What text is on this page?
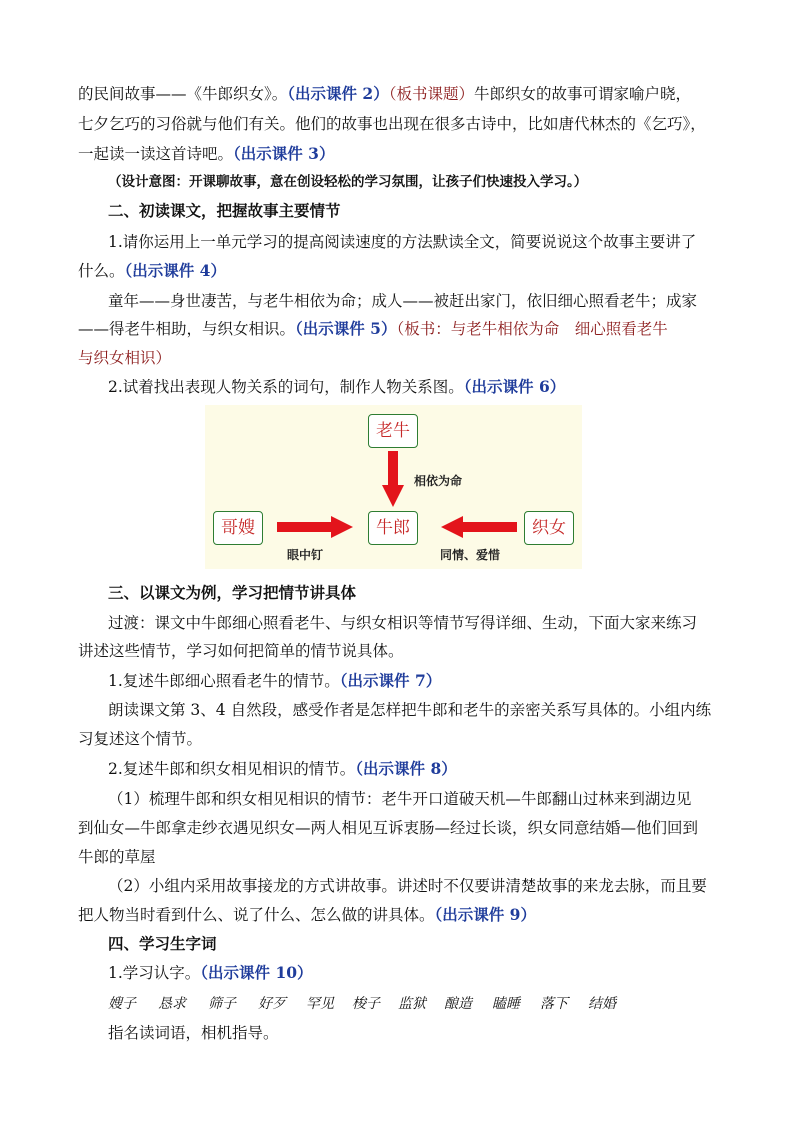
的民间故事——《牛郎织女》。（出示课件 2）（板书课题）牛郎织女的故事可谓家喻户晓，
七夕乞巧的习俗就与他们有关。他们的故事也出现在很多古诗中，比如唐代林杰的《乞巧》，
一起读一读这首诗吧。（出示课件 3）
（设计意图：开课聊故事，意在创设轻松的学习氛围，让孩子们快速投入学习。）
二、初读课文，把握故事主要情节
1.请你运用上一单元学习的提高阅读速度的方法默读全文，简要说说这个故事主要讲了
什么。（出示课件 4）
童年——身世凄苦，与老牛相依为命；成人——被赶出家门，依旧细心照看老牛；成家
——得老牛相助，与织女相识。（出示课件 5）（板书：与老牛相依为命　细心照看老牛
与织女相识）
2.试着找出表现人物关系的词句，制作人物关系图。（出示课件 6）
老牛
牛郎
哥嫂	织女
相依为命
眼中钉	同情、爱惜
三、以课文为例，学习把情节讲具体
过渡：课文中牛郎细心照看老牛、与织女相识等情节写得详细、生动，下面大家来练习
讲述这些情节，学习如何把简单的情节说具体。
1.复述牛郎细心照看老牛的情节。（出示课件 7）
朗读课文第 3、4 自然段，感受作者是怎样把牛郎和老牛的亲密关系写具体的。小组内练
习复述这个情节。
2.复述牛郎和织女相见相识的情节。（出示课件 8）
（1）梳理牛郎和织女相见相识的情节：老牛开口道破天机—牛郎翻山过林来到湖边见
到仙女—牛郎拿走纱衣遇见织女—两人相见互诉衷肠—经过长谈，织女同意结婚—他们回到
牛郎的草屋
（2）小组内采用故事接龙的方式讲故事。讲述时不仅要讲清楚故事的来龙去脉，而且要
把人物当时看到什么、说了什么、怎么做的讲具体。（出示课件 9）
四、学习生字词
1.学习认字。（出示课件 10）
嫂子 恳求 筛子 好歹 罕见 梭子 监狱 酿造 瞌睡 落下 结婚
指名读词语，相机指导。
